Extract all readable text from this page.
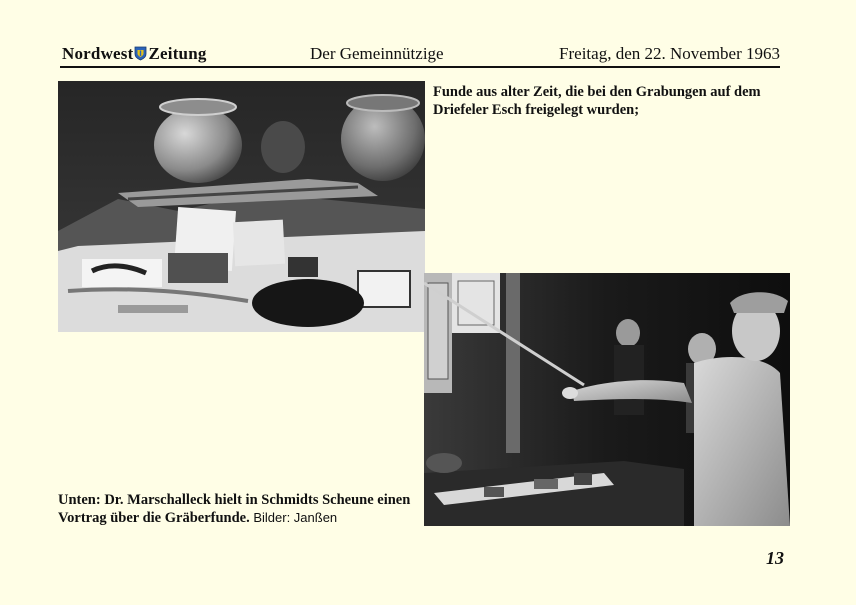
Nordwest Zeitung	Der Gemeinnützige	Freitag, den 22. November 1963
Funde aus alter Zeit, die bei den Grabungen auf dem Driefeler Esch freigelegt wurden;
Unten: Dr. Marschalleck hielt in Schmidts Scheune einen Vortrag über die Gräberfunde. Bilder: Janßen
13
